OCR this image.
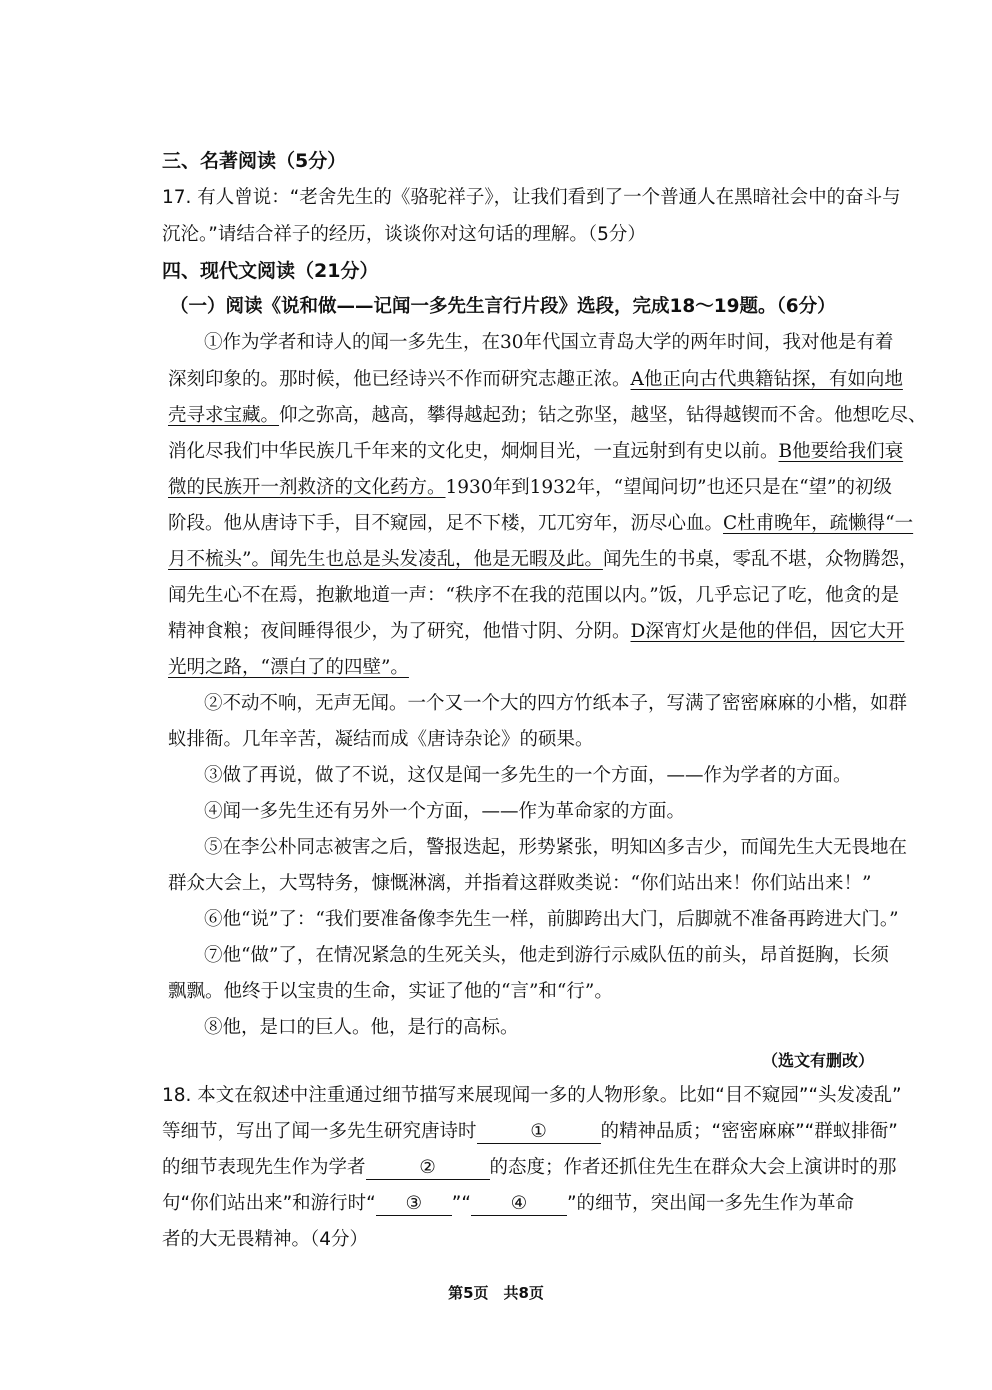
三、名著阅读（5分）
17. 有人曾说：“老舍先生的《骆驼祥子》，让我们看到了一个普通人在黑暗社会中的奋斗与
沉沦。”请结合祥子的经历，谈谈你对这句话的理解。（5分）
四、现代文阅读（21分）
（一）阅读《说和做——记闻一多先生言行片段》选段，完成18～19题。（6分）
①作为学者和诗人的闻一多先生，在30年代国立青岛大学的两年时间，我对他是有着
深刻印象的。那时候，他已经诗兴不作而研究志趣正浓。A他正向古代典籍钻探，有如向地
壳寻求宝藏。仰之弥高，越高，攀得越起劲；钻之弥坚，越坚，钻得越锲而不舍。他想吃尽、
消化尽我们中华民族几千年来的文化史，炯炯目光，一直远射到有史以前。B他要给我们衰
微的民族开一剂救济的文化药方。1930年到1932年，“望闻问切”也还只是在“望”的初级
阶段。他从唐诗下手，目不窥园，足不下楼，兀兀穷年，沥尽心血。C杜甫晚年，疏懒得“一
月不梳头”。闻先生也总是头发凌乱，他是无暇及此。闻先生的书桌，零乱不堪，众物腾怨，
闻先生心不在焉，抱歉地道一声：“秩序不在我的范围以内。”饭，几乎忘记了吃，他贪的是
精神食粮；夜间睡得很少，为了研究，他惜寸阴、分阴。D深宵灯火是他的伴侣，因它大开
光明之路，“漂白了的四壁”。
②不动不响，无声无闻。一个又一个大的四方竹纸本子，写满了密密麻麻的小楷，如群
蚁排衙。几年辛苦，凝结而成《唐诗杂论》的硕果。
③做了再说，做了不说，这仅是闻一多先生的一个方面，——作为学者的方面。
④闻一多先生还有另外一个方面，——作为革命家的方面。
⑤在李公朴同志被害之后，警报迭起，形势紧张，明知凶多吉少，而闻先生大无畏地在
群众大会上，大骂特务，慷慨淋漓，并指着这群败类说：“你们站出来！你们站出来！”
⑥他“说”了：“我们要准备像李先生一样，前脚跨出大门，后脚就不准备再跨进大门。”
⑦他“做”了，在情况紧急的生死关头，他走到游行示威队伍的前头，昂首挺胸，长须
飘飘。他终于以宝贵的生命，实证了他的“言”和“行”。
⑧他，是口的巨人。他，是行的高标。
（选文有删改）
18. 本文在叙述中注重通过细节描写来展现闻一多的人物形象。比如“目不窥园”“头发凌乱”
等细节，写出了闻一多先生研究唐诗时	①	的精神品质；“密密麻麻”“群蚁排衙”
的细节表现先生作为学者	②	的态度；作者还抓住先生在群众大会上演讲时的那
句“你们站出来”和游行时“ ③ ”“ ④ ”的细节，突出闻一多先生作为革命
者的大无畏精神。（4分）
第5页　共8页
